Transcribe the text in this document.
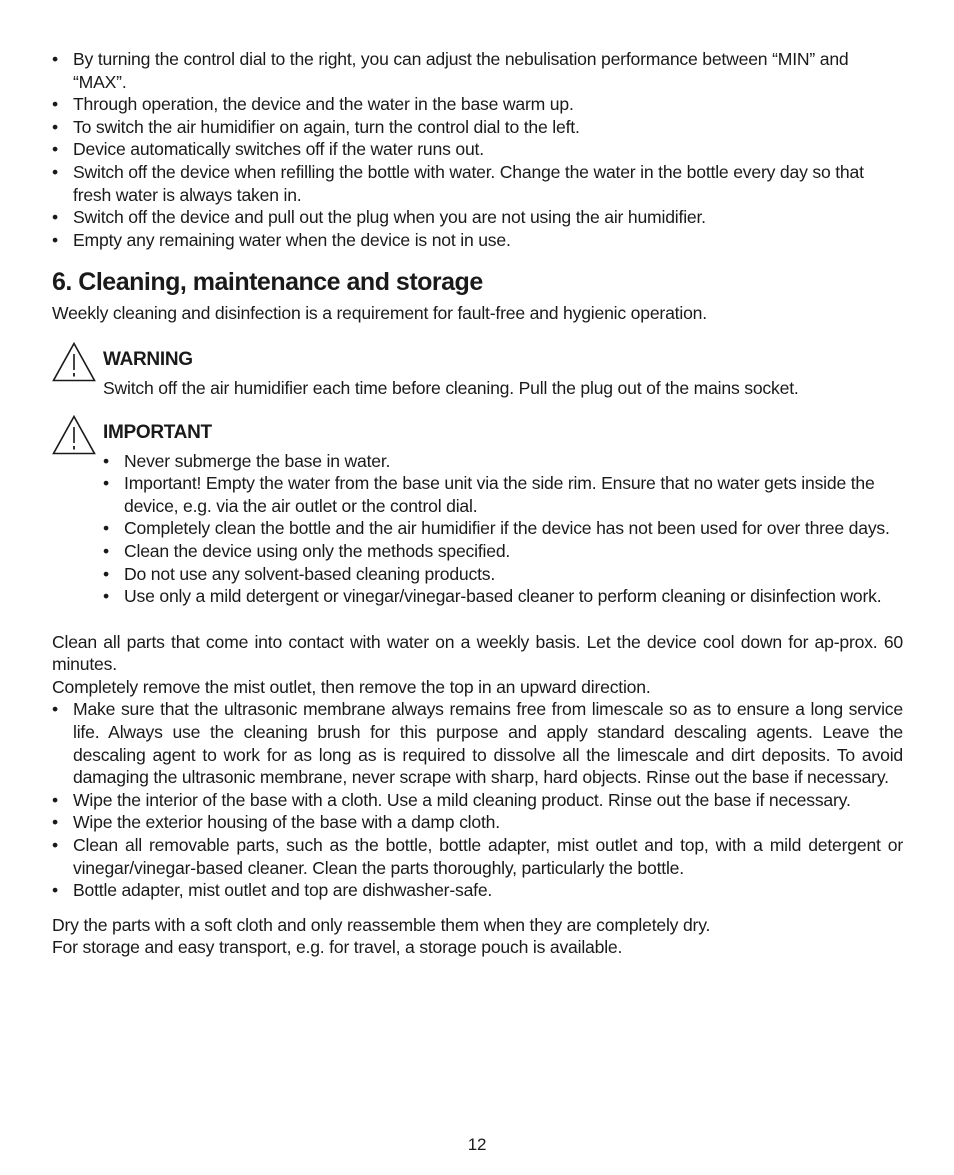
• By turning the control dial to the right, you can adjust the nebulisation performance between “MIN” and “MAX”.
• Through operation, the device and the water in the base warm up.
• To switch the air humidifier on again, turn the control dial to the left.
• Device automatically switches off if the water runs out.
• Switch off the device when refilling the bottle with water. Change the water in the bottle every day so that fresh water is always taken in.
• Switch off the device and pull out the plug when you are not using the air humidifier.
• Empty any remaining water when the device is not in use.
6. Cleaning, maintenance and storage

Weekly cleaning and disinfection is a requirement for fault-free and hygienic operation.

WARNING

Switch off the air humidifier each time before cleaning. Pull the plug out of the mains socket.

IMPORTANT
• Never submerge the base in water.
• Important! Empty the water from the base unit via the side rim. Ensure that no water gets inside the device, e.g. via the air outlet or the control dial.
• Completely clean the bottle and the air humidifier if the device has not been used for over three days.
• Clean the device using only the methods specified.
• Do not use any solvent-based cleaning products.
• Use only a mild detergent or vinegar/vinegar-based cleaner to perform cleaning or disinfection work.

Clean all parts that come into contact with water on a weekly basis. Let the device cool down for ap-prox. 60 minutes.

Completely remove the mist outlet, then remove the top in an upward direction.

• Make sure that the ultrasonic membrane always remains free from limescale so as to ensure a long service life. Always use the cleaning brush for this purpose and apply standard descaling agents. Leave the descaling agent to work for as long as is required to dissolve all the limescale and dirt deposits. To avoid damaging the ultrasonic membrane, never scrape with sharp, hard objects. Rinse out the base if necessary.
• Wipe the interior of the base with a cloth. Use a mild cleaning product. Rinse out the base if necessary.
• Wipe the exterior housing of the base with a damp cloth.
• Clean all removable parts, such as the bottle, bottle adapter, mist outlet and top, with a mild detergent or vinegar/vinegar-based cleaner. Clean the parts thoroughly, particularly the bottle.
• Bottle adapter, mist outlet and top are dishwasher-safe.

Dry the parts with a soft cloth and only reassemble them when they are completely dry.

For storage and easy transport, e.g. for travel, a storage pouch is available.

12
